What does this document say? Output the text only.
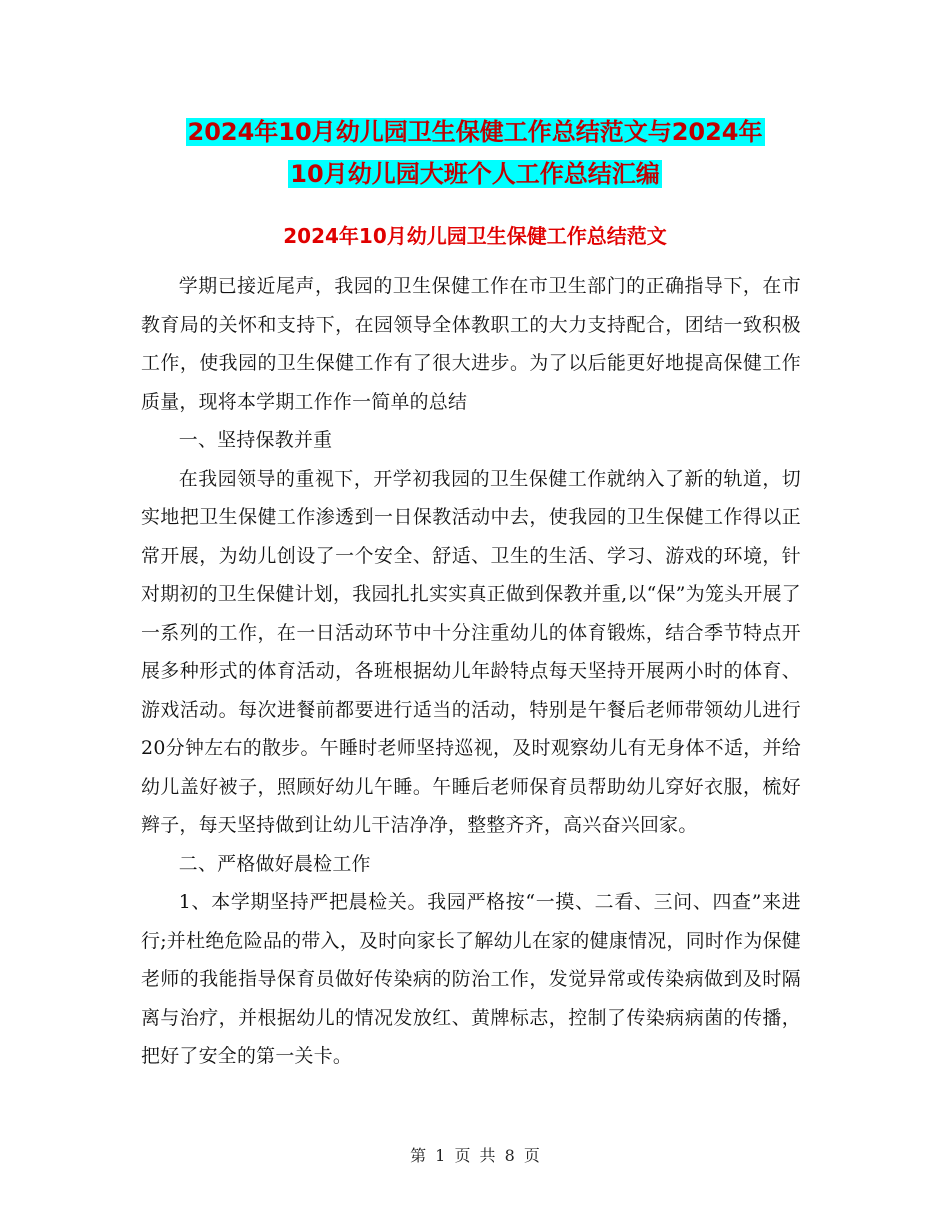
2024年10月幼儿园卫生保健工作总结范文与2024年
10月幼儿园大班个人工作总结汇编
2024年10月幼儿园卫生保健工作总结范文

学期已接近尾声，我园的卫生保健工作在市卫生部门的正确指导下，在市教育局的关怀和支持下，在园领导全体教职工的大力支持配合，团结一致积极工作，使我园的卫生保健工作有了很大进步。为了以后能更好地提高保健工作质量，现将本学期工作作一简单的总结

一、坚持保教并重

在我园领导的重视下，开学初我园的卫生保健工作就纳入了新的轨道，切实地把卫生保健工作渗透到一日保教活动中去，使我园的卫生保健工作得以正常开展，为幼儿创设了一个安全、舒适、卫生的生活、学习、游戏的环境，针对期初的卫生保健计划，我园扎扎实实真正做到保教并重,以“保”为笼头开展了一系列的工作，在一日活动环节中十分注重幼儿的体育锻炼，结合季节特点开展多种形式的体育活动，各班根据幼儿年龄特点每天坚持开展两小时的体育、游戏活动。每次进餐前都要进行适当的活动，特别是午餐后老师带领幼儿进行20分钟左右的散步。午睡时老师坚持巡视，及时观察幼儿有无身体不适，并给幼儿盖好被子，照顾好幼儿午睡。午睡后老师保育员帮助幼儿穿好衣服，梳好辫子，每天坚持做到让幼儿干洁净净，整整齐齐，高兴奋兴回家。

二、严格做好晨检工作

1、本学期坚持严把晨检关。我园严格按“一摸、二看、三问、四查”来进行;并杜绝危险品的带入，及时向家长了解幼儿在家的健康情况，同时作为保健老师的我能指导保育员做好传染病的防治工作，发觉异常或传染病做到及时隔离与治疗，并根据幼儿的情况发放红、黄牌标志，控制了传染病病菌的传播，把好了安全的第一关卡。

第 1 页 共 8 页
